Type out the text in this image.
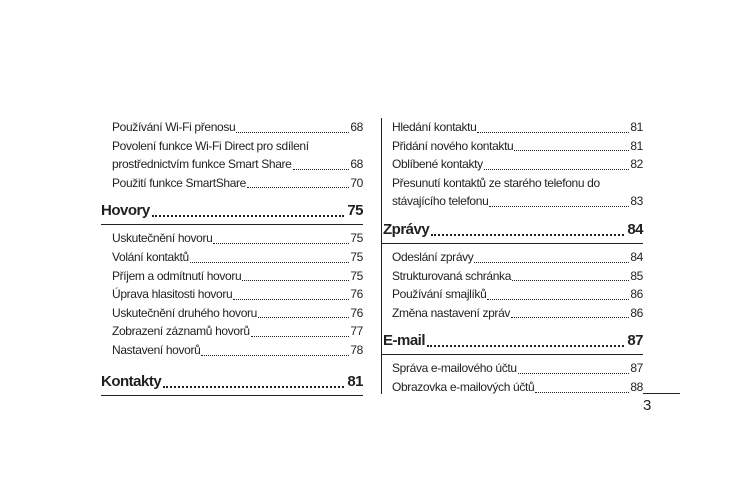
Používání Wi-Fi přenosu	68
Povolení funkce Wi-Fi Direct pro sdílení
prostřednictvím funkce Smart Share	68
Použití funkce SmartShare	70
Hovory	75
Uskutečnění hovoru	75
Volání kontaktů	75
Příjem a odmítnutí hovoru	75
Úprava hlasitosti hovoru	76
Uskutečnění druhého hovoru	76
Zobrazení záznamů hovorů	77
Nastavení hovorů	78
Kontakty	81
Hledání kontaktu	81
Přidání nového kontaktu	81
Oblíbené kontakty	82
Přesunutí kontaktů ze starého telefonu do
stávajícího telefonu	83
Zprávy	84
Odeslání zprávy	84
Strukturovaná schránka	85
Používání smajlíků	86
Změna nastavení zpráv	86
E-mail	87
Správa e-mailového účtu	87
Obrazovka e-mailových účtů	88
3
